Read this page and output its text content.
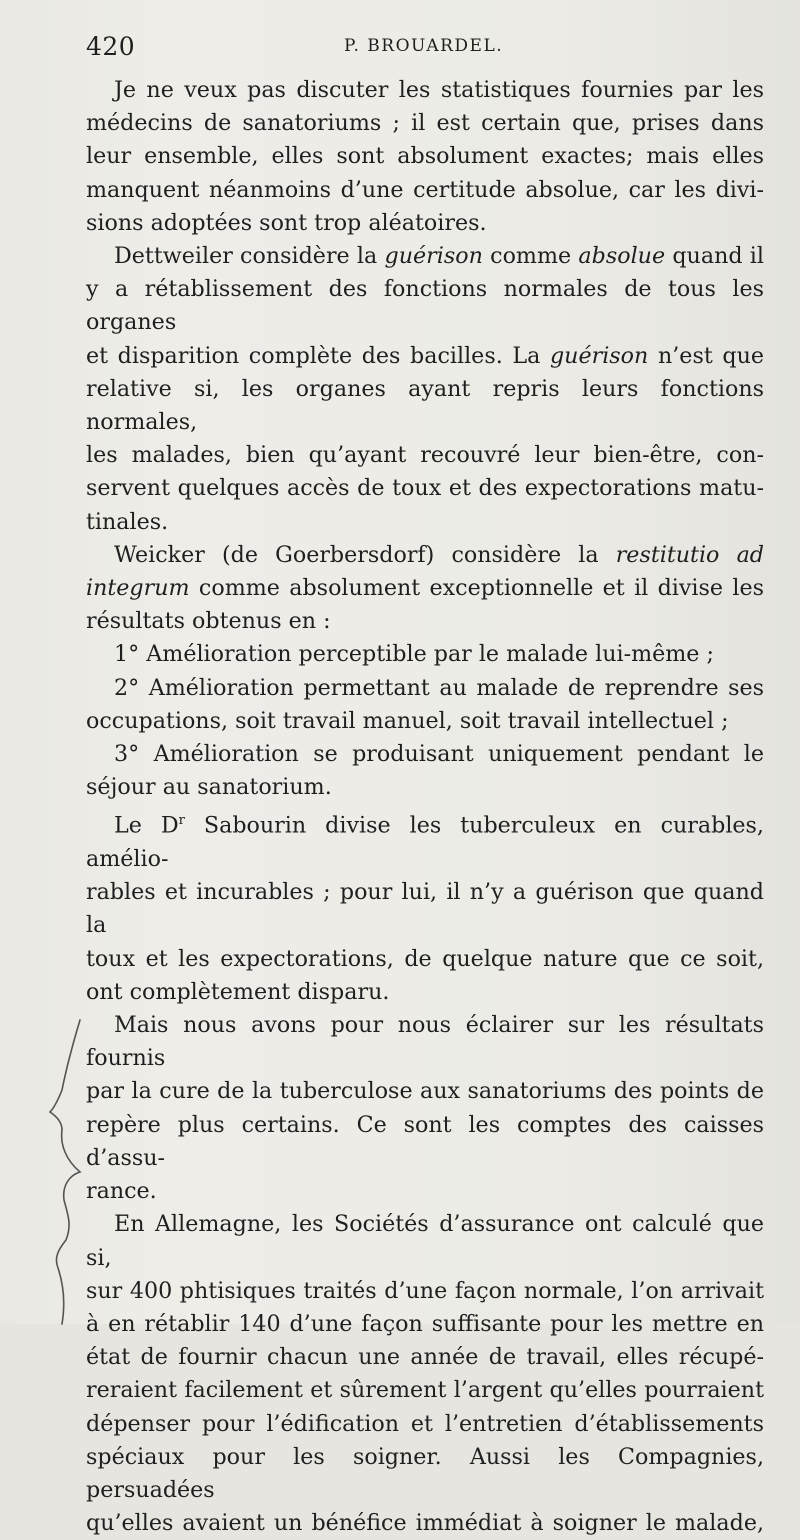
420	P. BROUARDEL.

Je ne veux pas discuter les statistiques fournies par les
médecins de sanatoriums ; il est certain que, prises dans
leur ensemble, elles sont absolument exactes; mais elles
manquent néanmoins d’une certitude absolue, car les divi-
sions adoptées sont trop aléatoires.

Dettweiler considère la guérison comme absolue quand il
y a rétablissement des fonctions normales de tous les organes
et disparition complète des bacilles. La guérison n’est que
relative si, les organes ayant repris leurs fonctions normales,
les malades, bien qu’ayant recouvré leur bien-être, con-
servent quelques accès de toux et des expectorations matu-
tinales.

Weicker (de Goerbersdorf) considère la restitutio ad
integrum comme absolument exceptionnelle et il divise les
résultats obtenus en :

1° Amélioration perceptible par le malade lui-même ;

2° Amélioration permettant au malade de reprendre ses
occupations, soit travail manuel, soit travail intellectuel ;

3° Amélioration se produisant uniquement pendant le
séjour au sanatorium.

Le $D^r$ Sabourin divise les tuberculeux en curables, amélio-
rables et incurables ; pour lui, il n’y a guérison que quand la
toux et les expectorations, de quelque nature que ce soit,
ont complètement disparu.

Mais nous avons pour nous éclairer sur les résultats fournis
par la cure de la tuberculose aux sanatoriums des points de
repère plus certains. Ce sont les comptes des caisses d’assu-
rance.

En Allemagne, les Sociétés d’assurance ont calculé que si,
sur 400 phtisiques traités d’une façon normale, l’on arrivait
à en rétablir 140 d’une façon suffisante pour les mettre en
état de fournir chacun une année de travail, elles récupé-
reraient facilement et sûrement l’argent qu’elles pourraient
dépenser pour l’édification et l’entretien d’établissements
spéciaux pour les soigner. Aussi les Compagnies, persuadées
qu’elles avaient un bénéfice immédiat à soigner le malade,
